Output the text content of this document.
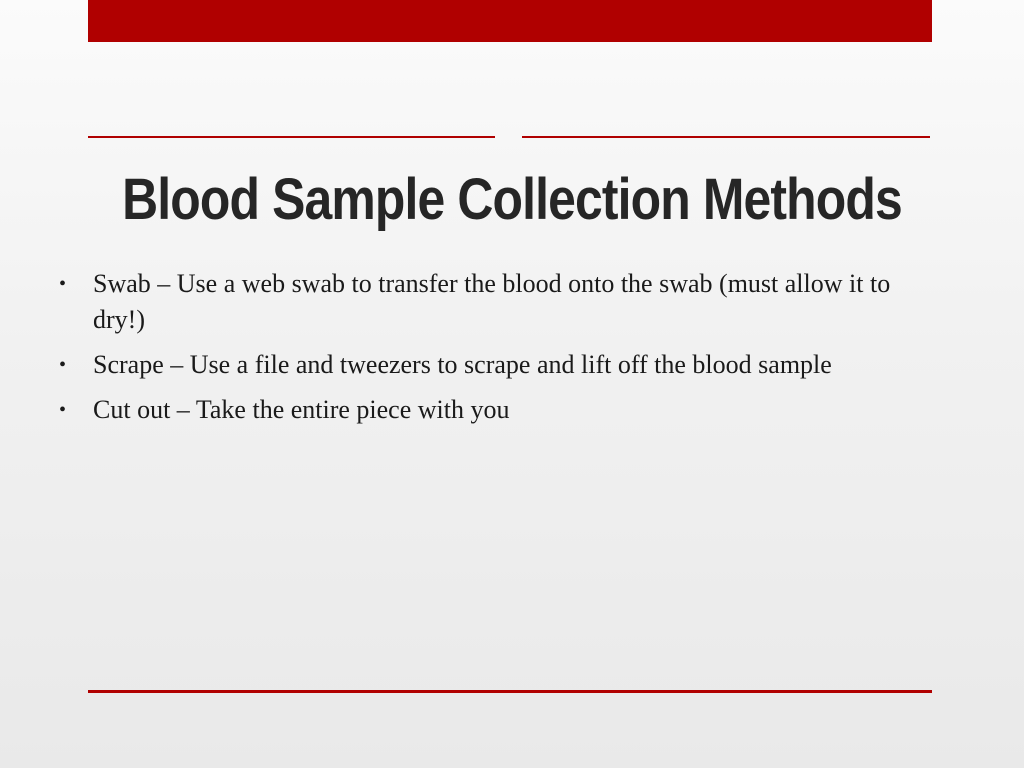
Blood Sample Collection Methods
• Swab – Use a web swab to transfer the blood onto the swab (must allow it to dry!)
• Scrape – Use a file and tweezers to scrape and lift off the blood sample
• Cut out – Take the entire piece with you
